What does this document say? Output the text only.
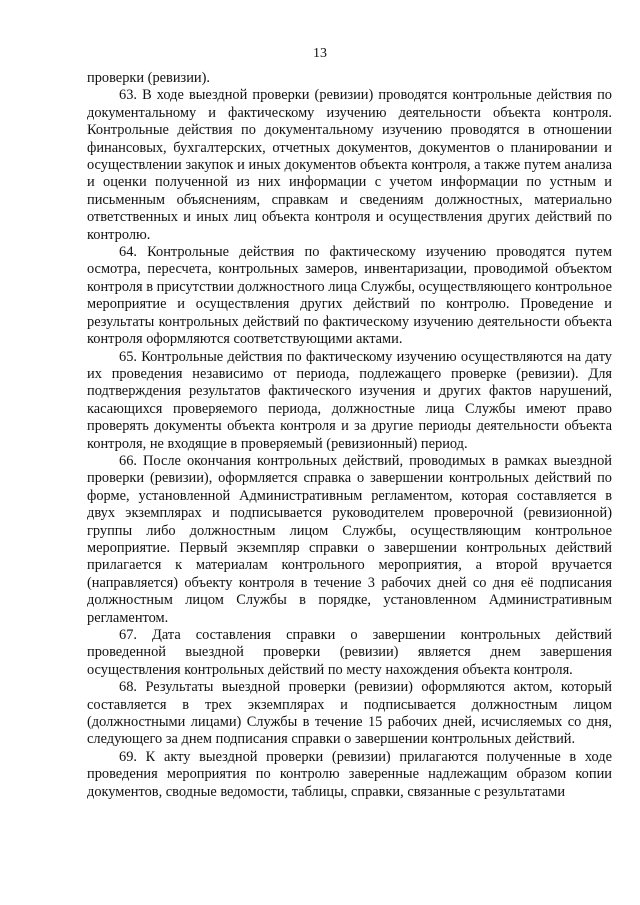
13

проверки (ревизии).

63. В ходе выездной проверки (ревизии) проводятся контрольные действия по документальному и фактическому изучению деятельности объекта контроля. Контрольные действия по документальному изучению проводятся в отношении финансовых, бухгалтерских, отчетных документов, документов о планировании и осуществлении закупок и иных документов объекта контроля, а также путем анализа и оценки полученной из них информации с учетом информации по устным и письменным объяснениям, справкам и сведениям должностных, материально ответственных и иных лиц объекта контроля и осуществления других действий по контролю.

64. Контрольные действия по фактическому изучению проводятся путем осмотра, пересчета, контрольных замеров, инвентаризации, проводимой объектом контроля в присутствии должностного лица Службы, осуществляющего контрольное мероприятие и осуществления других действий по контролю. Проведение и результаты контрольных действий по фактическому изучению деятельности объекта контроля оформляются соответствующими актами.

65. Контрольные действия по фактическому изучению осуществляются на дату их проведения независимо от периода, подлежащего проверке (ревизии). Для подтверждения результатов фактического изучения и других фактов нарушений, касающихся проверяемого периода, должностные лица Службы имеют право проверять документы объекта контроля и за другие периоды деятельности объекта контроля, не входящие в проверяемый (ревизионный) период.

66. После окончания контрольных действий, проводимых в рамках выездной проверки (ревизии), оформляется справка о завершении контрольных действий по форме, установленной Административным регламентом, которая составляется в двух экземплярах и подписывается руководителем проверочной (ревизионной) группы либо должностным лицом Службы, осуществляющим контрольное мероприятие. Первый экземпляр справки о завершении контрольных действий прилагается к материалам контрольного мероприятия, а второй вручается (направляется) объекту контроля в течение 3 рабочих дней со дня её подписания должностным лицом Службы в порядке, установленном Административным регламентом.

67. Дата составления справки о завершении контрольных действий проведенной выездной проверки (ревизии) является днем завершения осуществления контрольных действий по месту нахождения объекта контроля.

68. Результаты выездной проверки (ревизии) оформляются актом, который составляется в трех экземплярах и подписывается должностным лицом (должностными лицами) Службы в течение 15 рабочих дней, исчисляемых со дня, следующего за днем подписания справки о завершении контрольных действий.

69. К акту выездной проверки (ревизии) прилагаются полученные в ходе проведения мероприятия по контролю заверенные надлежащим образом копии документов, сводные ведомости, таблицы, справки, связанные с результатами
